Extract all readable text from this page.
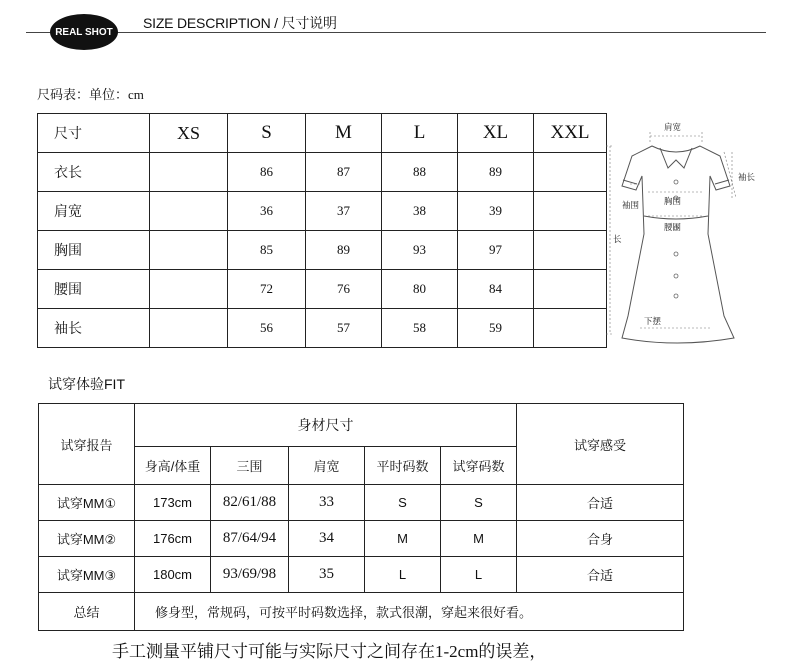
REAL SHOT
SIZE DESCRIPTION / 尺寸说明
尺码表：单位：cm
尺寸	XS	S	M	L	XL	XXL
衣长		86	87	88	89	
肩宽		36	37	38	39	
胸围		85	89	93	97	
腰围		72	76	80	84	
袖长		56	57	58	59	
肩宽
袖长
袖围	胸围
腰围
长
下摆
试穿体验FIT
试穿报告	身材尺寸					试穿感受
	身高/体重	三围	肩宽	平时码数	试穿码数	
试穿MM①	173cm	82/61/88	33	S	S	合适
试穿MM②	176cm	87/64/94	34	M	M	合身
试穿MM③	180cm	93/69/98	35	L	L	合适
总结	修身型，常规码，可按平时码数选择，款式很潮，穿起来很好看。					
手工测量平铺尺寸可能与实际尺寸之间存在1-2cm的误差，
